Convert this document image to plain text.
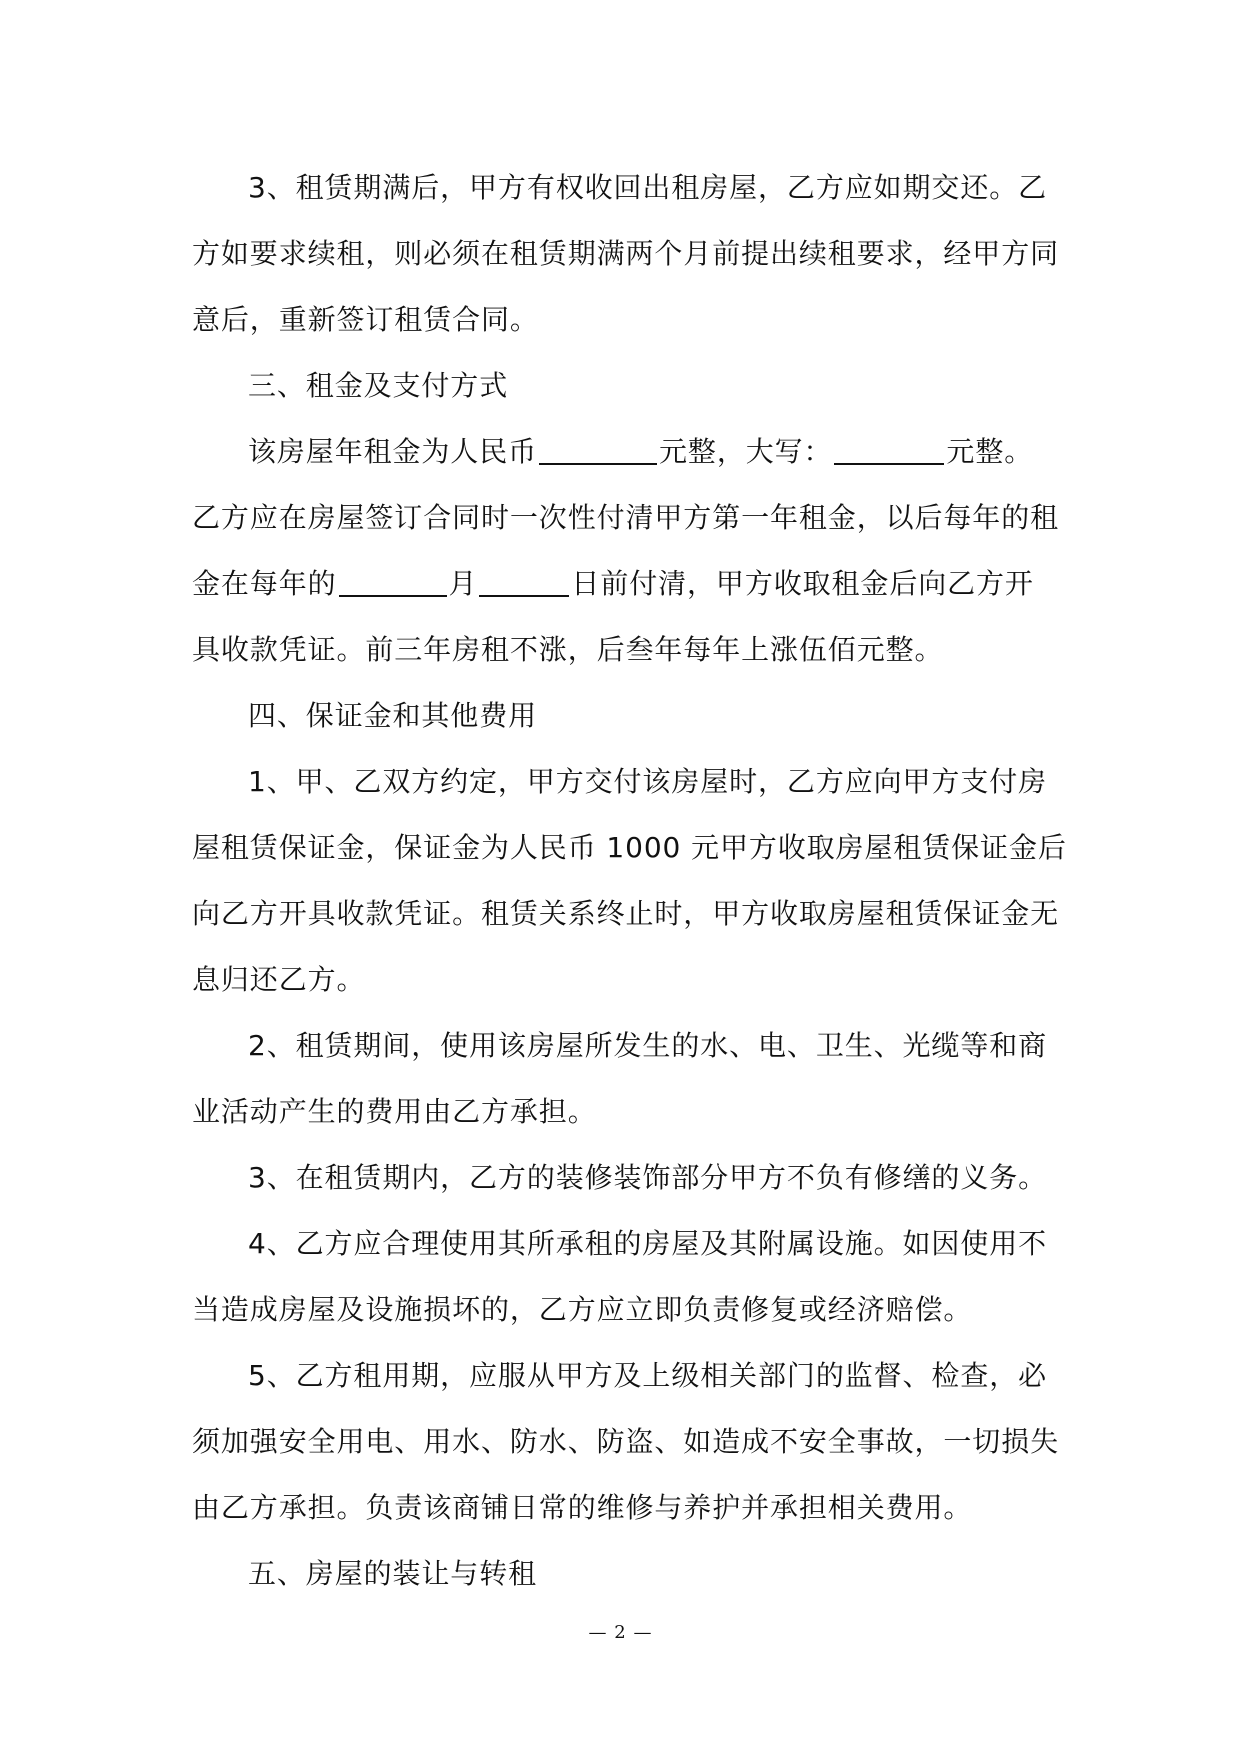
3、租赁期满后，甲方有权收回出租房屋，乙方应如期交还。乙
方如要求续租，则必须在租赁期满两个月前提出续租要求，经甲方同
意后，重新签订租赁合同。
三、租金及支付方式
该房屋年租金为人民币	元整，大写：	元整。
乙方应在房屋签订合同时一次性付清甲方第一年租金，以后每年的租
金在每年的	月	日前付清，甲方收取租金后向乙方开
具收款凭证。前三年房租不涨，后叁年每年上涨伍佰元整。
四、保证金和其他费用
1、甲、乙双方约定，甲方交付该房屋时，乙方应向甲方支付房
屋租赁保证金，保证金为人民币 1000 元甲方收取房屋租赁保证金后
向乙方开具收款凭证。租赁关系终止时，甲方收取房屋租赁保证金无
息归还乙方。
2、租赁期间，使用该房屋所发生的水、电、卫生、光缆等和商
业活动产生的费用由乙方承担。
3、在租赁期内，乙方的装修装饰部分甲方不负有修缮的义务。
4、乙方应合理使用其所承租的房屋及其附属设施。如因使用不
当造成房屋及设施损坏的，乙方应立即负责修复或经济赔偿。
5、乙方租用期，应服从甲方及上级相关部门的监督、检查，必
须加强安全用电、用水、防水、防盗、如造成不安全事故，一切损失
由乙方承担。负责该商铺日常的维修与养护并承担相关费用。
五、房屋的装让与转租
— 2 —
